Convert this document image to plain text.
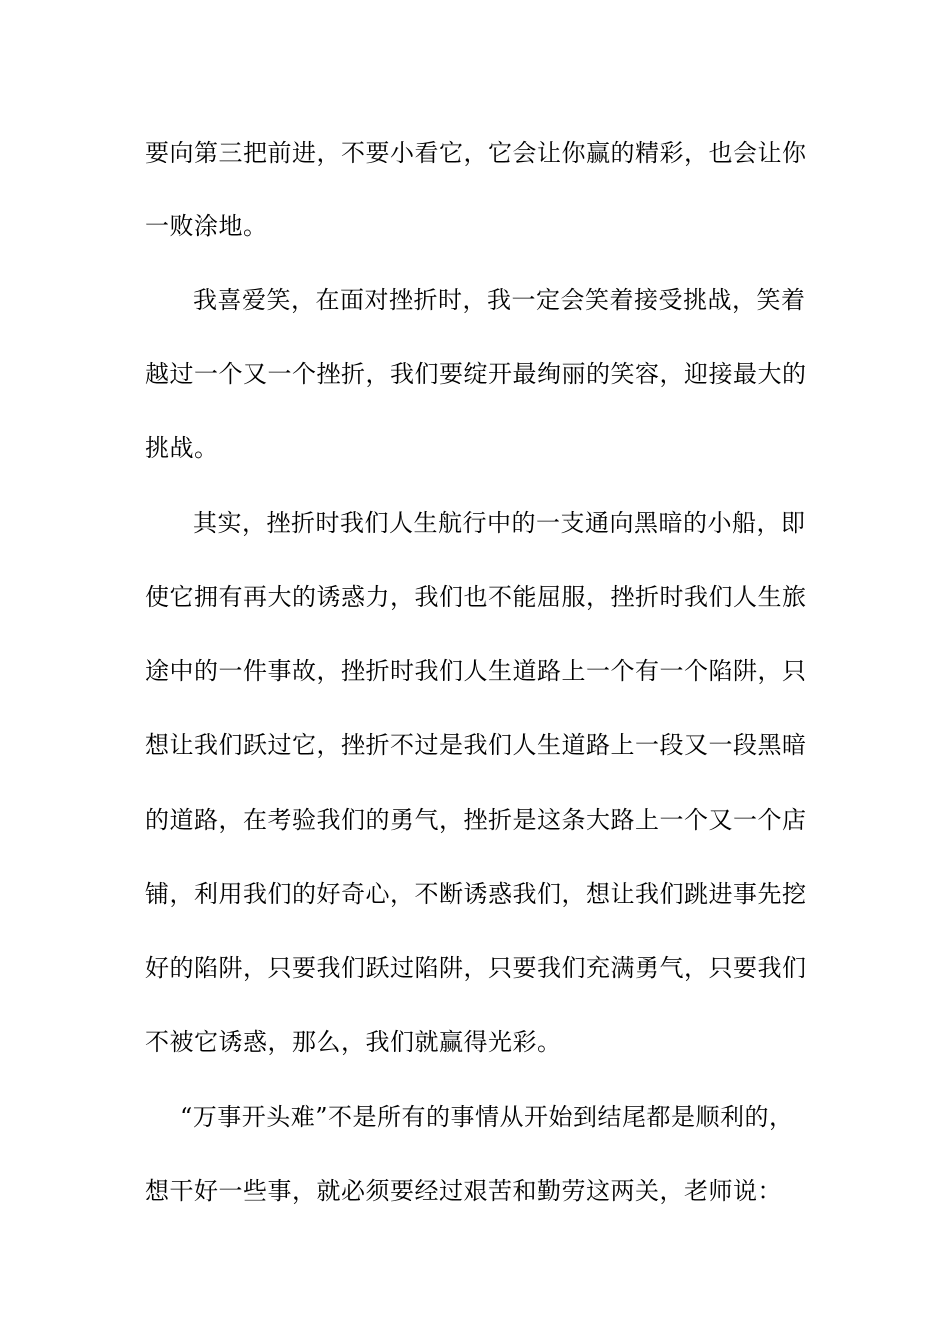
要向第三把前进，不要小看它，它会让你赢的精彩，也会让你
一败涂地。
我喜爱笑，在面对挫折时，我一定会笑着接受挑战，笑着
越过一个又一个挫折，我们要绽开最绚丽的笑容，迎接最大的
挑战。
其实，挫折时我们人生航行中的一支通向黑暗的小船，即
使它拥有再大的诱惑力，我们也不能屈服，挫折时我们人生旅
途中的一件事故，挫折时我们人生道路上一个有一个陷阱，只
想让我们跃过它，挫折不过是我们人生道路上一段又一段黑暗
的道路，在考验我们的勇气，挫折是这条大路上一个又一个店
铺，利用我们的好奇心，不断诱惑我们，想让我们跳进事先挖
好的陷阱，只要我们跃过陷阱，只要我们充满勇气，只要我们
不被它诱惑，那么，我们就赢得光彩。
“万事开头难”不是所有的事情从开始到结尾都是顺利的，
想干好一些事，就必须要经过艰苦和勤劳这两关，老师说：
